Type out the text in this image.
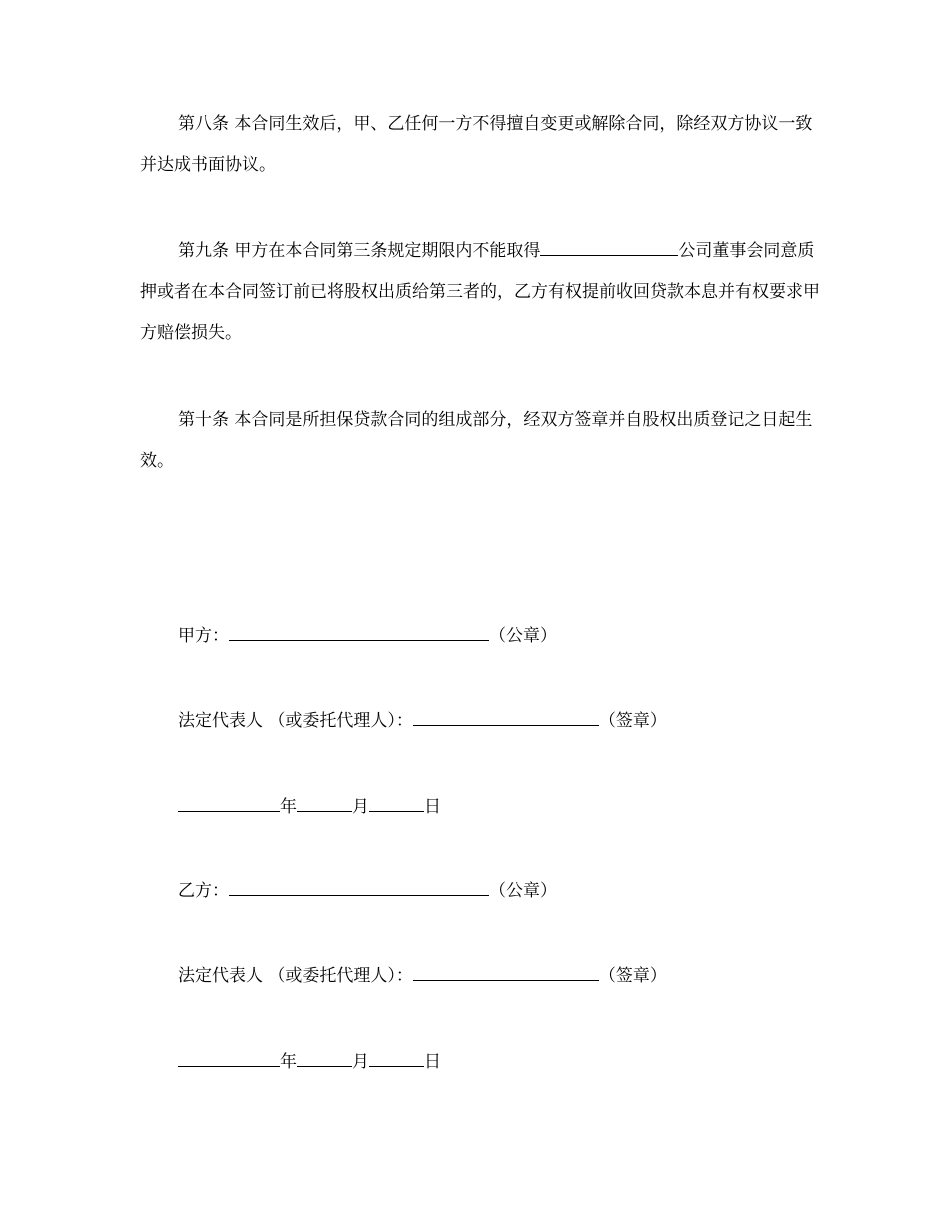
第八条 本合同生效后，甲、乙任何一方不得擅自变更或解除合同，除经双方协议一致并达成书面协议。
第九条 甲方在本合同第三条规定期限内不能取得	公司董事会同意质押或者在本合同签订前已将股权出质给第三者的，乙方有权提前收回贷款本息并有权要求甲方赔偿损失。
第十条 本合同是所担保贷款合同的组成部分，经双方签章并自股权出质登记之日起生效。
甲方：	（公章）
法定代表人 （或委托代理人）：	（签章）
年	月	日
乙方：	（公章）
法定代表人 （或委托代理人）：	（签章）
年	月	日
